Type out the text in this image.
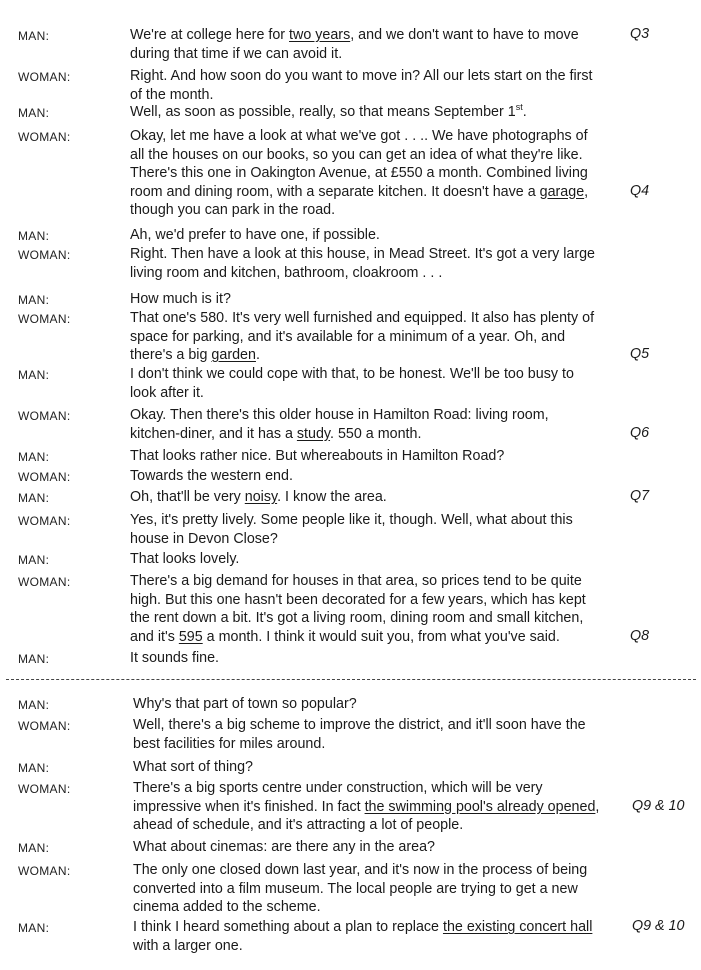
MAN:	We're at college here for two years, and we don't want to have to move
during that time if we can avoid it.
Q3
WOMAN:	Right. And how soon do you want to move in? All our lets start on the first
of the month.
MAN:	Well, as soon as possible, really, so that means September 1st.
WOMAN:	Okay, let me have a look at what we've got . . .. We have photographs of
all the houses on our books, so you can get an idea of what they're like.
There's this one in Oakington Avenue, at £550 a month. Combined living
room and dining room, with a separate kitchen. It doesn't have a garage,
though you can park in the road.
Q4
MAN:	Ah, we'd prefer to have one, if possible.
WOMAN:	Right. Then have a look at this house, in Mead Street. It's got a very large
living room and kitchen, bathroom, cloakroom . . .
MAN:	How much is it?
WOMAN:	That one's 580. It's very well furnished and equipped. It also has plenty of
space for parking, and it's available for a minimum of a year. Oh, and
there's a big garden.	Q5
MAN:	I don't think we could cope with that, to be honest. We'll be too busy to
look after it.
WOMAN:	Okay. Then there's this older house in Hamilton Road: living room,
kitchen-diner, and it has a study. 550 a month.	Q6
MAN:	That looks rather nice. But whereabouts in Hamilton Road?
WOMAN:	Towards the western end.
MAN:	Oh, that'll be very noisy. I know the area.	Q7
WOMAN:	Yes, it's pretty lively. Some people like it, though. Well, what about this
house in Devon Close?
MAN:	That looks lovely.
WOMAN:	There's a big demand for houses in that area, so prices tend to be quite
high. But this one hasn't been decorated for a few years, which has kept
the rent down a bit. It's got a living room, dining room and small kitchen,
and it's 595 a month. I think it would suit you, from what you've said.	Q8
MAN:	It sounds fine.
MAN:	Why's that part of town so popular?
WOMAN:	Well, there's a big scheme to improve the district, and it'll soon have the
best facilities for miles around.
MAN:	What sort of thing?
WOMAN:	There's a big sports centre under construction, which will be very
impressive when it's finished. In fact the swimming pool's already opened,
ahead of schedule, and it's attracting a lot of people.
Q9 & 10
MAN:	What about cinemas: are there any in the area?
WOMAN:	The only one closed down last year, and it's now in the process of being
converted into a film museum. The local people are trying to get a new
cinema added to the scheme.
MAN:	I think I heard something about a plan to replace the existing concert hall
with a larger one.
Q9 & 10
